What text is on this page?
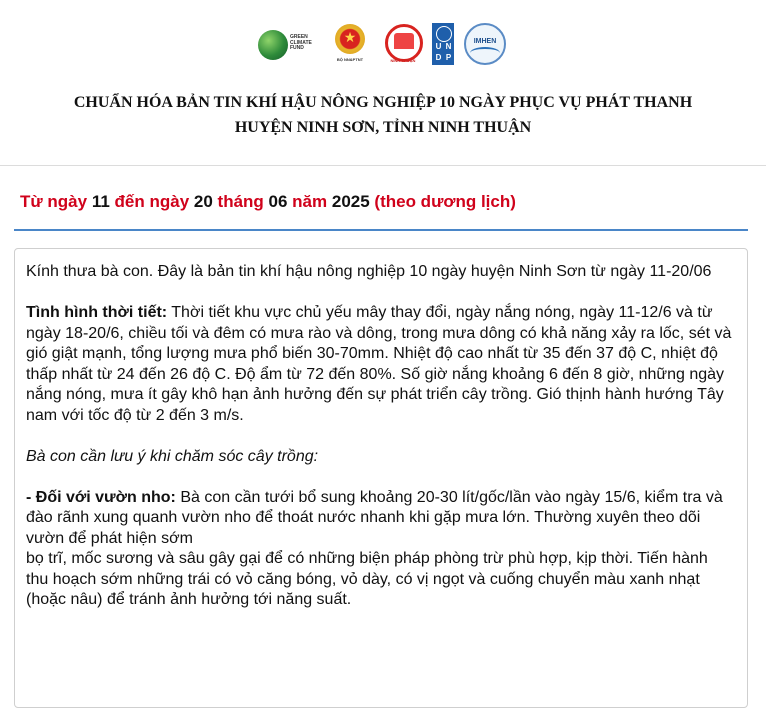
GREEN
CLIMATE
FUND
★
BỘ NN&PTNT	NINH THUẬN
U N
D P
IMHEN
CHUẨN HÓA BẢN TIN KHÍ HẬU NÔNG NGHIỆP 10 NGÀY PHỤC VỤ PHÁT THANH
HUYỆN NINH SƠN, TỈNH NINH THUẬN
Từ ngày 11 đến ngày 20 tháng 06 năm 2025 (theo dương lịch)

Kính thưa bà con. Đây là bản tin khí hậu nông nghiệp 10 ngày huyện Ninh Sơn từ ngày 11-20/06

Tình hình thời tiết: Thời tiết khu vực chủ yếu mây thay đổi, ngày nắng nóng, ngày 11-12/6 và từ ngày 18-20/6, chiều tối và đêm có mưa rào và dông, trong mưa dông có khả năng xảy ra lốc, sét và gió giật mạnh, tổng lượng mưa phổ biến 30-70mm. Nhiệt độ cao nhất từ 35 đến 37 độ C, nhiệt độ thấp nhất từ 24 đến 26 độ C. Độ ẩm từ 72 đến 80%. Số giờ nắng khoảng 6 đến 8 giờ, những ngày nắng nóng, mưa ít gây khô hạn ảnh hưởng đến sự phát triển cây trồng. Gió thịnh hành hướng Tây nam với tốc độ từ 2 đến 3 m/s.

Bà con cần lưu ý khi chăm sóc cây trồng:

- Đối với vườn nho: Bà con cần tưới bổ sung khoảng 20-30 lít/gốc/lần vào ngày 15/6, kiểm tra và đào rãnh xung quanh vườn nho để thoát nước nhanh khi gặp mưa lớn. Thường xuyên theo dõi vườn để phát hiện sớm

bọ trĩ, mốc sương và sâu gây gại để có những biện pháp phòng trừ phù hợp, kịp thời. Tiến hành thu hoạch sớm những trái có vỏ căng bóng, vỏ dày, có vị ngọt và cuống chuyển màu xanh nhạt (hoặc nâu) để tránh ảnh hưởng tới năng suất.
